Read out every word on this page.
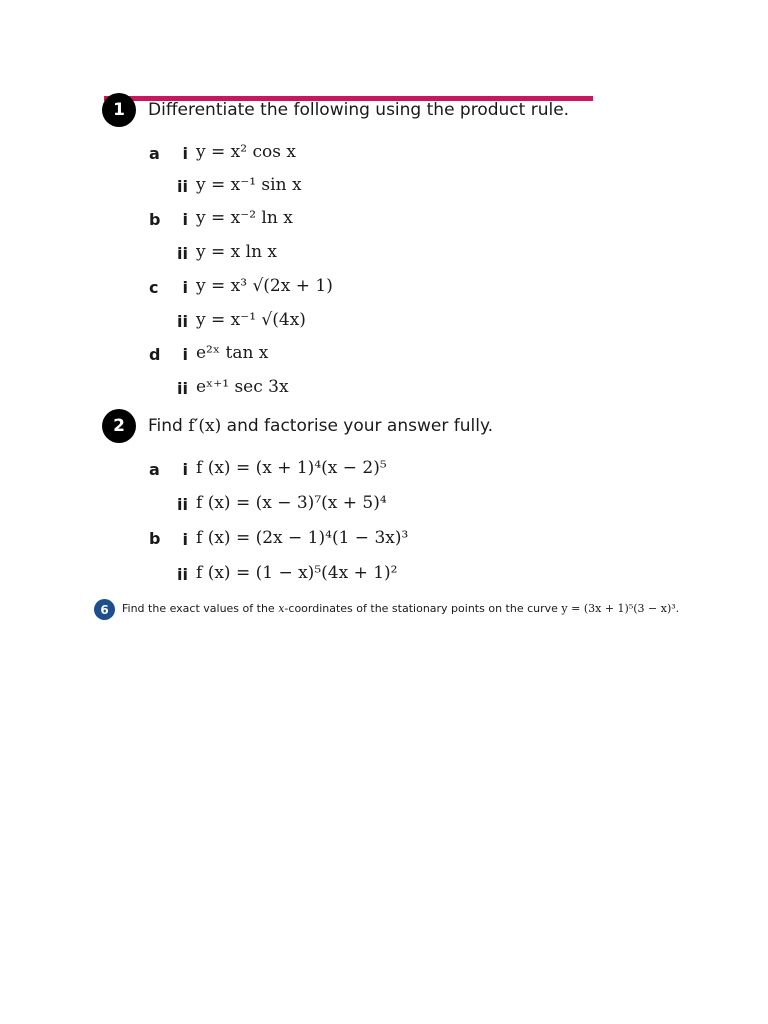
1	Differentiate the following using the product rule.
a	i y = x² cos x
ii y = x⁻¹ sin x
b	i y = x⁻² ln x
ii y = x ln x
c	i y = x³ √(2x + 1)
ii y = x⁻¹ √(4x)
d	i e²ˣ tan x
ii eˣ⁺¹ sec 3x
2	Find f′(x) and factorise your answer fully.
a	i f (x) = (x + 1)⁴(x − 2)⁵
ii f (x) = (x − 3)⁷(x + 5)⁴
b	i f (x) = (2x − 1)⁴(1 − 3x)³
ii f (x) = (1 − x)⁵(4x + 1)²
6	Find the exact values of the x-coordinates of the stationary points on the curve y = (3x + 1)⁵(3 − x)³.
